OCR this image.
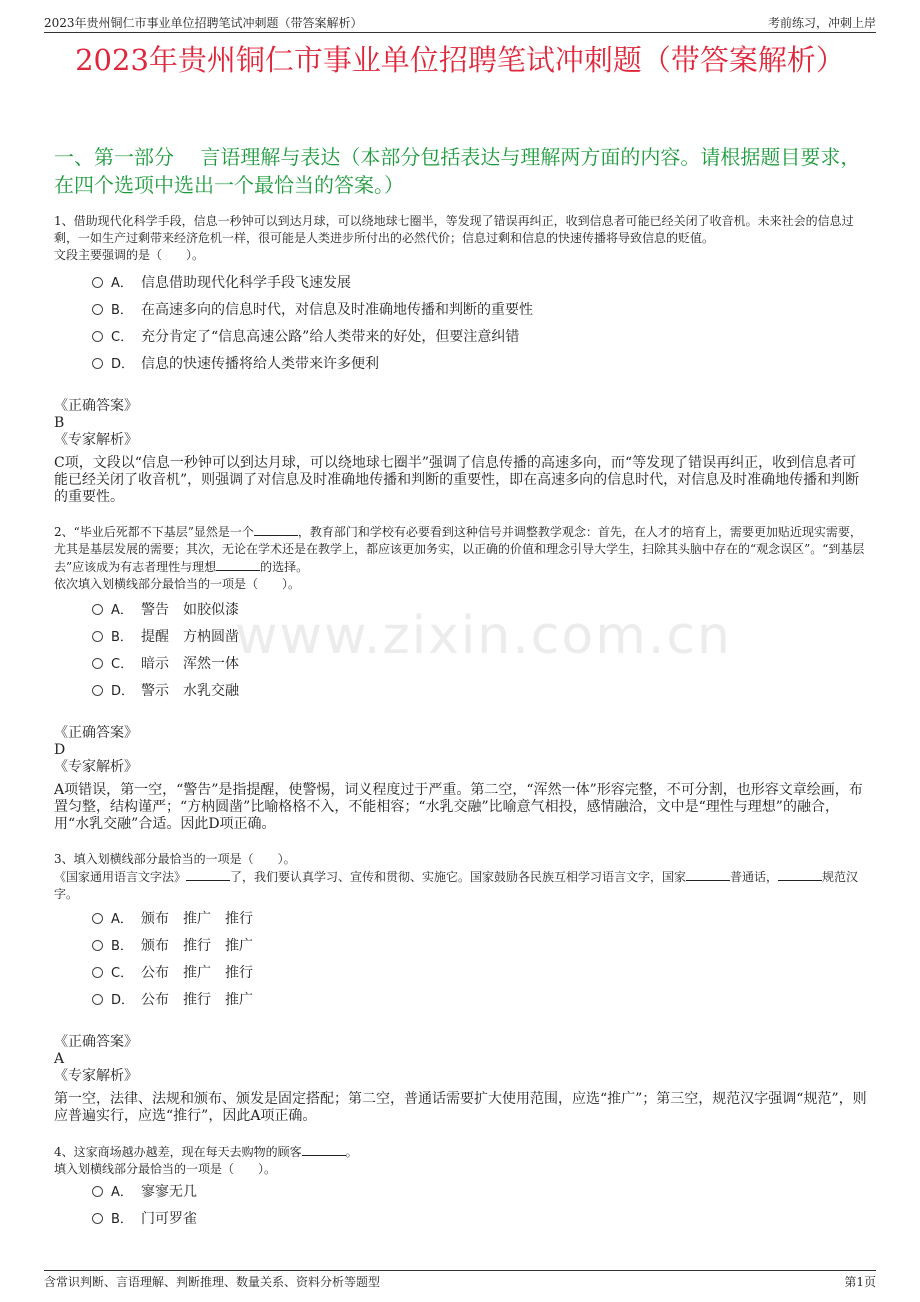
2023年贵州铜仁市事业单位招聘笔试冲刺题（带答案解析）	考前练习，冲刺上岸
2023年贵州铜仁市事业单位招聘笔试冲刺题（带答案解析）
一、第一部分　 言语理解与表达（本部分包括表达与理解两方面的内容。请根据题目要求，在四个选项中选出一个最恰当的答案。）
www.zixin.com.cn
1、借助现代化科学手段，信息一秒钟可以到达月球，可以绕地球七圈半，等发现了错误再纠正，收到信息者可能已经关闭了收音机。未来社会的信息过剩，一如生产过剩带来经济危机一样，很可能是人类进步所付出的必然代价；信息过剩和信息的快速传播将导致信息的贬值。
文段主要强调的是（　　）。
A． 信息借助现代化科学手段飞速发展
B． 在高速多向的信息时代，对信息及时准确地传播和判断的重要性
C． 充分肯定了“信息高速公路”给人类带来的好处，但要注意纠错
D． 信息的快速传播将给人类带来许多便利
《正确答案》
B
《专家解析》
C项，文段以“信息一秒钟可以到达月球，可以绕地球七圈半”强调了信息传播的高速多向，而“等发现了错误再纠正，收到信息者可能已经关闭了收音机”，则强调了对信息及时准确地传播和判断的重要性，即在高速多向的信息时代，对信息及时准确地传播和判断的重要性。
2、“毕业后死都不下基层”显然是一个	，教育部门和学校有必要看到这种信号并调整教学观念：首先，在人才的培育上，需要更加贴近现实需要，尤其是基层发展的需要；其次，无论在学术还是在教学上，都应该更加务实，以正确的价值和理念引导大学生，扫除其头脑中存在的“观念误区”。“到基层去”应该成为有志者理性与理想	的选择。
依次填入划横线部分最恰当的一项是（　　）。
A． 警告　如胶似漆
B． 提醒　方枘圆凿
C． 暗示　浑然一体
D． 警示　水乳交融
《正确答案》
D
《专家解析》
A项错误，第一空，“警告”是指提醒，使警惕，词义程度过于严重。第二空，“浑然一体”形容完整，不可分割，也形容文章绘画，布置匀整，结构谨严；“方枘圆凿”比喻格格不入，不能相容；“水乳交融”比喻意气相投，感情融洽，文中是“理性与理想”的融合，用“水乳交融”合适。因此D项正确。
3、填入划横线部分最恰当的一项是（　　）。
《国家通用语言文字法》	了，我们要认真学习、宣传和贯彻、实施它。国家鼓励各民族互相学习语言文字，国家	普通话，	规范汉字。
A． 颁布　推广　推行
B． 颁布　推行　推广
C． 公布　推广　推行
D． 公布　推行　推广
《正确答案》
A
《专家解析》
第一空，法律、法规和颁布、颁发是固定搭配；第二空，普通话需要扩大使用范围，应选“推广”；第三空，规范汉字强调“规范”，则应普遍实行，应选“推行”，因此A项正确。
4、这家商场越办越差，现在每天去购物的顾客	。
填入划横线部分最恰当的一项是（　　）。
A． 寥寥无几
B． 门可罗雀
含常识判断、言语理解、判断推理、数量关系、资料分析等题型	第1页
